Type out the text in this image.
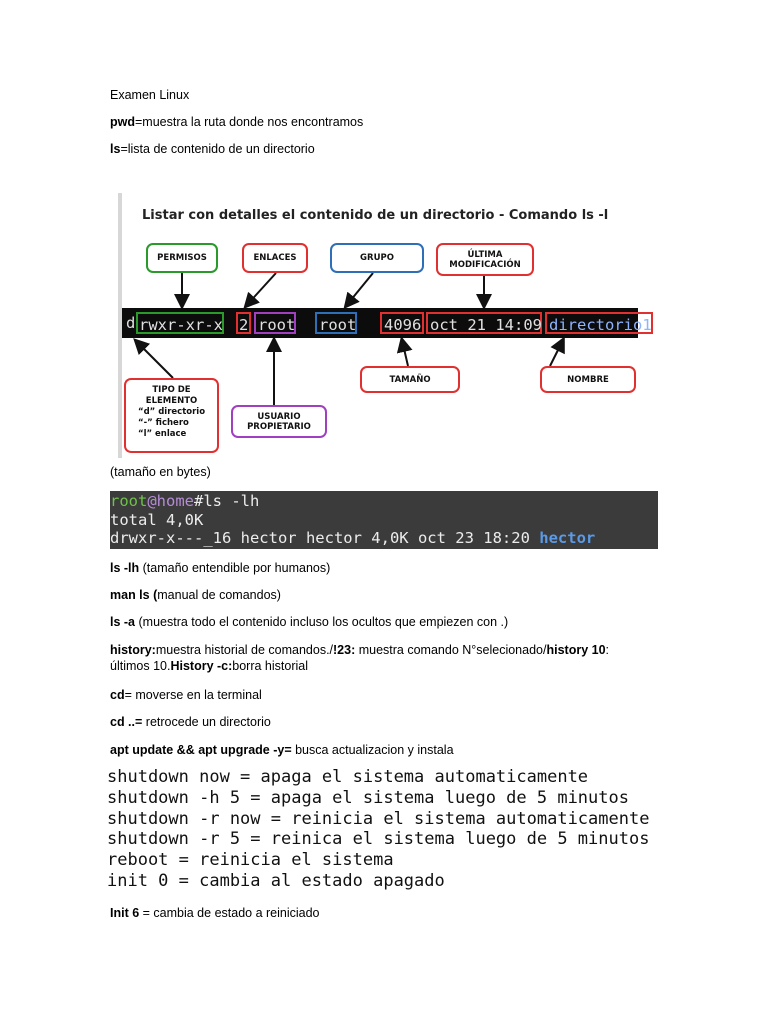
Examen Linux
pwd=muestra la ruta donde nos encontramos
ls=lista de contenido de un directorio
Listar con detalles el contenido de un directorio - Comando ls -l
PERMISOS	ENLACES	GRUPO	ÚLTIMA
MODIFICACIÓN
d rwxr-xr-x 2 root root 4096 oct 21 14:09 directorio1
TAMAÑO	NOMBRE
USUARIO
PROPIETARIO
TIPO DE
ELEMENTO
“d” directorio
“-” fichero
“l” enlace
(tamaño en bytes)
root@home#ls -lh
total 4,0K
drwxr-x---_16 hector hector 4,0K oct 23 18:20 hector
ls -lh (tamaño entendible por humanos)
man ls (manual de comandos)
ls -a (muestra todo el contenido incluso los ocultos que empiezen con .)
history:muestra historial de comandos./!23: muestra comando N°selecionado/history 10: últimos 10.History -c:borra historial
cd= moverse en la terminal
cd ..= retrocede un directorio
apt update && apt upgrade -y= busca actualizacion y instala
shutdown now = apaga el sistema automaticamente
shutdown -h 5 = apaga el sistema luego de 5 minutos
shutdown -r now = reinicia el sistema automaticamente
shutdown -r 5 = reinica el sistema luego de 5 minutos
reboot = reinicia el sistema
init 0 = cambia al estado apagado
Init 6 = cambia de estado a reiniciado
